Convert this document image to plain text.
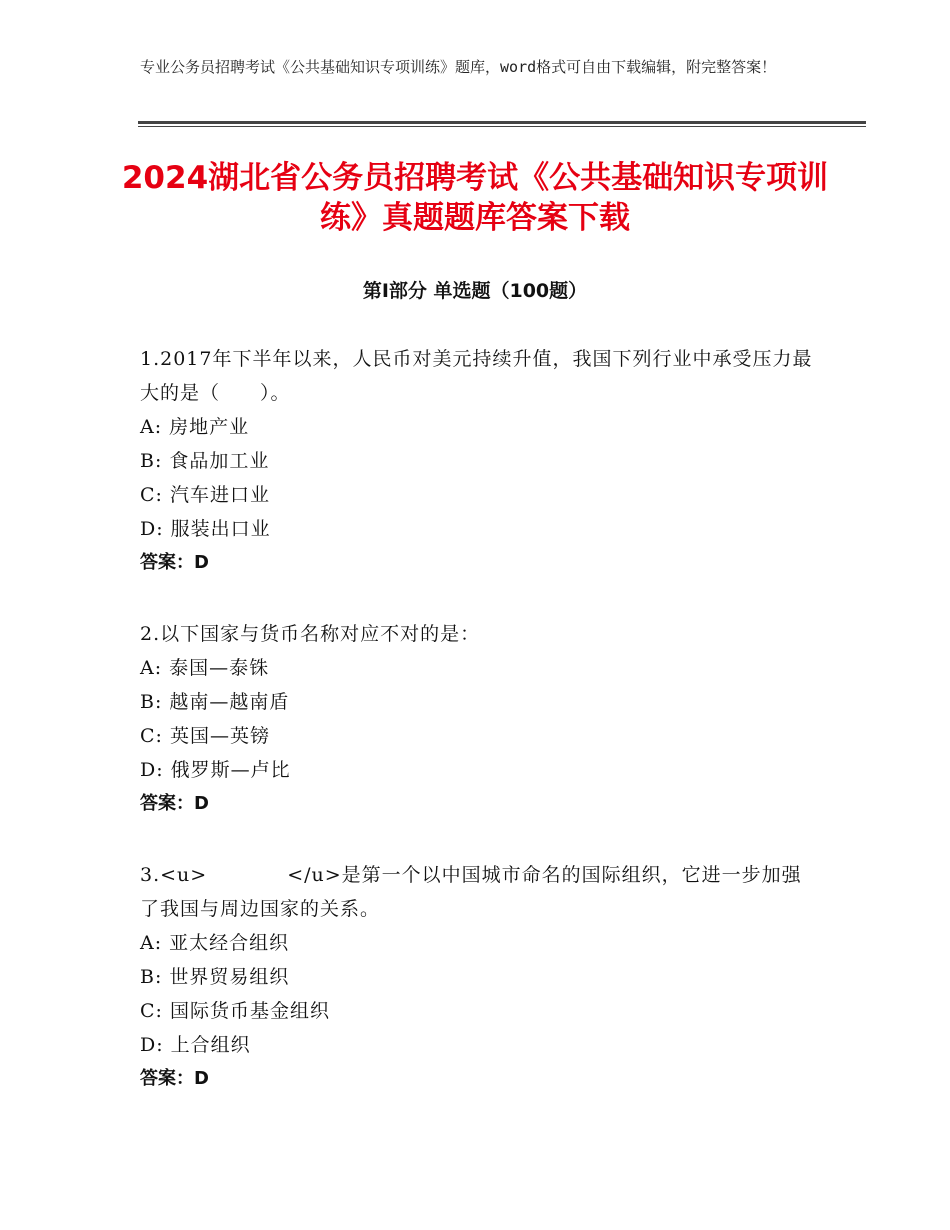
专业公务员招聘考试《公共基础知识专项训练》题库，word格式可自由下载编辑，附完整答案！
2024湖北省公务员招聘考试《公共基础知识专项训练》真题题库答案下载
第Ⅰ部分 单选题（100题）
1.2017年下半年以来，人民币对美元持续升值，我国下列行业中承受压力最大的是（　　）。
A: 房地产业
B: 食品加工业
C: 汽车进口业
D: 服装出口业
答案：D
2.以下国家与货币名称对应不对的是：
A: 泰国—泰铢
B: 越南—越南盾
C: 英国—英镑
D: 俄罗斯—卢比
答案：D
3.<u>　　　　</u>是第一个以中国城市命名的国际组织，它进一步加强了我国与周边国家的关系。
A: 亚太经合组织
B: 世界贸易组织
C: 国际货币基金组织
D: 上合组织
答案：D
